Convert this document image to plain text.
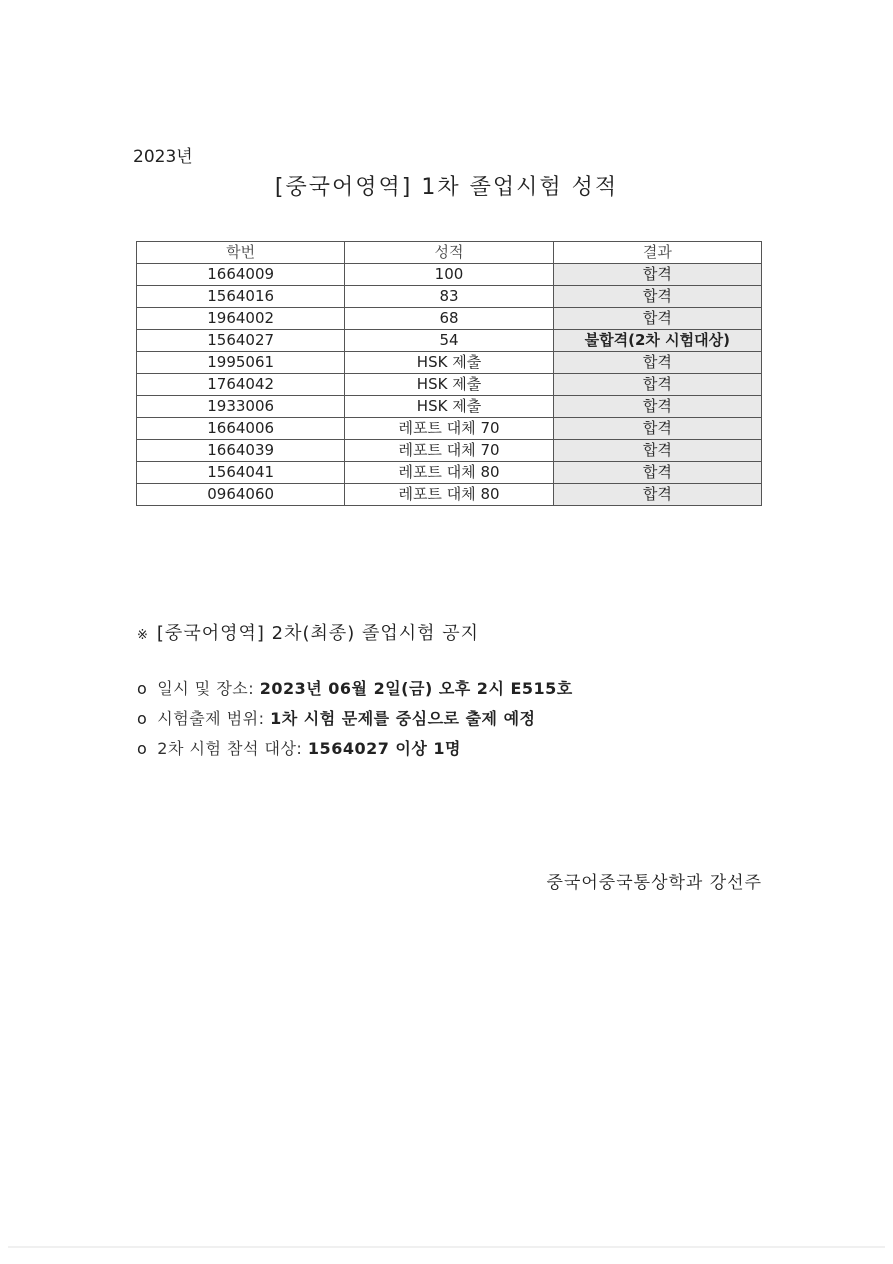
2023년
[중국어영역] 1차 졸업시험 성적
학번	성적	결과
1664009	100	합격
1564016	83	합격
1964002	68	합격
1564027	54	불합격(2차 시험대상)
1995061	HSK 제출	합격
1764042	HSK 제출	합격
1933006	HSK 제출	합격
1664006	레포트 대체 70	합격
1664039	레포트 대체 70	합격
1564041	레포트 대체 80	합격
0964060	레포트 대체 80	합격
※ [중국어영역] 2차(최종) 졸업시험 공지
o 일시 및 장소: 2023년 06월 2일(금) 오후 2시 E515호
o 시험출제 범위: 1차 시험 문제를 중심으로 출제 예정
o 2차 시험 참석 대상: 1564027 이상 1명
중국어중국통상학과 강선주
